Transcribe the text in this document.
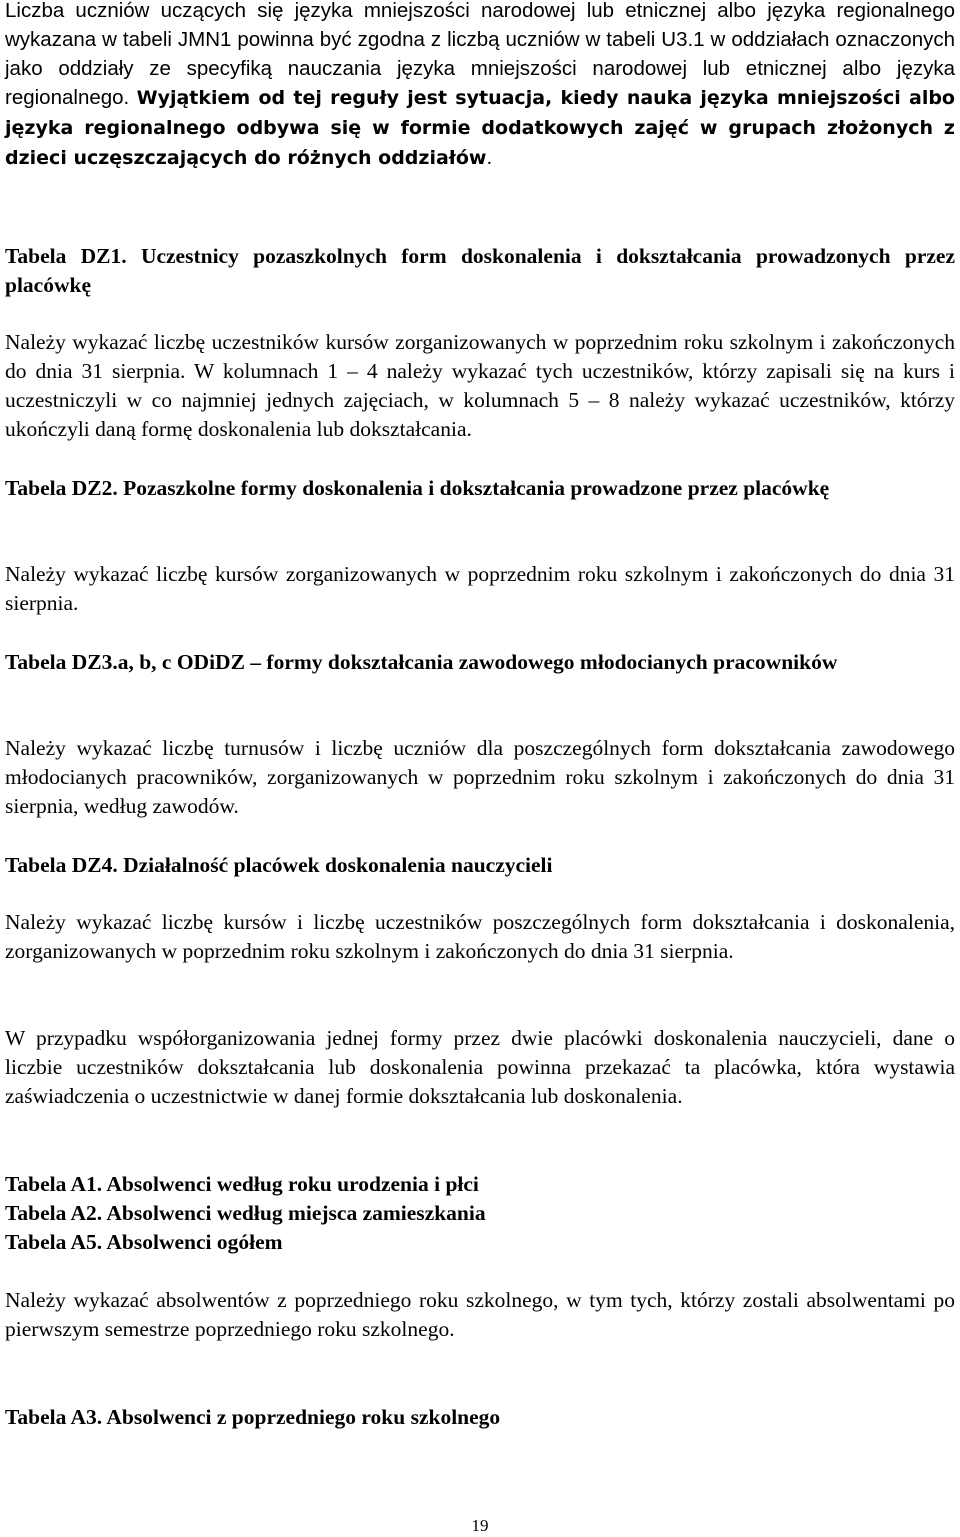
Liczba uczniów uczących się języka mniejszości narodowej lub etnicznej albo języka regionalnego wykazana w tabeli JMN1 powinna być zgodna z liczbą uczniów w tabeli U3.1 w oddziałach oznaczonych jako oddziały ze specyfiką nauczania języka mniejszości narodowej lub etnicznej albo języka regionalnego. Wyjątkiem od tej reguły jest sytuacja, kiedy nauka języka mniejszości albo języka regionalnego odbywa się w formie dodatkowych zajęć w grupach złożonych z dzieci uczęszczających do różnych oddziałów.

Tabela DZ1. Uczestnicy pozaszkolnych form doskonalenia i dokształcania prowadzonych przez placówkę

Należy wykazać liczbę uczestników kursów zorganizowanych w poprzednim roku szkolnym i zakończonych do dnia 31 sierpnia. W kolumnach 1 – 4 należy wykazać tych uczestników, którzy zapisali się na kurs i uczestniczyli w co najmniej jednych zajęciach, w kolumnach 5 – 8 należy wykazać uczestników, którzy ukończyli daną formę doskonalenia lub dokształcania.

Tabela DZ2. Pozaszkolne formy doskonalenia i dokształcania prowadzone przez placówkę

Należy wykazać liczbę kursów zorganizowanych w poprzednim roku szkolnym i zakończonych do dnia 31 sierpnia.

Tabela DZ3.a, b, c ODiDZ – formy dokształcania zawodowego młodocianych pracowników

Należy wykazać liczbę turnusów i liczbę uczniów dla poszczególnych form dokształcania zawodowego młodocianych pracowników, zorganizowanych w poprzednim roku szkolnym i zakończonych do dnia 31 sierpnia, według zawodów.

Tabela DZ4. Działalność placówek doskonalenia nauczycieli

Należy wykazać liczbę kursów i liczbę uczestników poszczególnych form dokształcania i doskonalenia, zorganizowanych w poprzednim roku szkolnym i zakończonych do dnia 31 sierpnia.

W przypadku współorganizowania jednej formy przez dwie placówki doskonalenia nauczycieli, dane o liczbie uczestników dokształcania lub doskonalenia powinna przekazać ta placówka, która wystawia zaświadczenia o uczestnictwie w danej formie dokształcania lub doskonalenia.

Tabela A1. Absolwenci według roku urodzenia i płci

Tabela A2. Absolwenci według miejsca zamieszkania

Tabela A5. Absolwenci ogółem

Należy wykazać absolwentów z poprzedniego roku szkolnego, w tym tych, którzy zostali absolwentami po pierwszym semestrze poprzedniego roku szkolnego.

Tabela A3. Absolwenci z poprzedniego roku szkolnego

19
